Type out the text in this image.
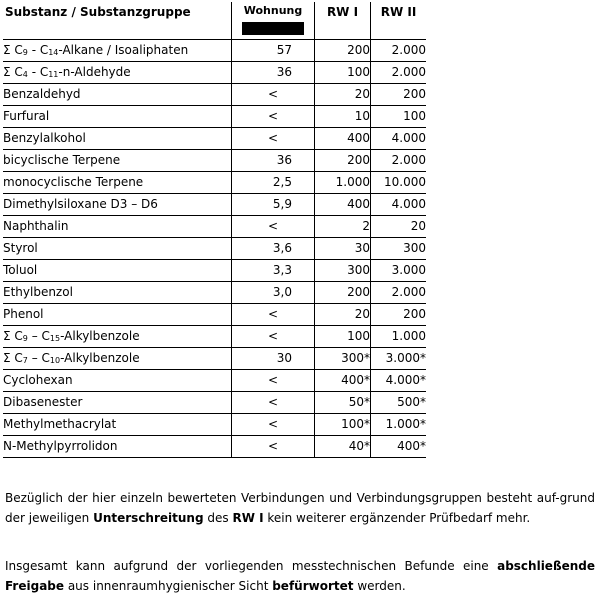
Substanz / Substanzgruppe	Wohnung	RW I	RW II
Σ $C_9$ - $C_{14}$-Alkane / Isoaliphaten	57	200	2.000
Σ $C_4$ - $C_{11}-n$-Aldehyde	36	100	2.000
Benzaldehyd	<	20	200
Furfural	<	10	100
Benzylalkohol	<	400	4.000
bicyclische Terpene	36	200	2.000
monocyclische Terpene	2,5	1.000	10.000
Dimethylsiloxane D3 – D6	5,9	400	4.000
Naphthalin	<	2	20
Styrol	3,6	30	300
Toluol	3,3	300	3.000
Ethylbenzol	3,0	200	2.000
Phenol	<	20	200
Σ $C_9$ – $C_{15}$-Alkylbenzole	<	100	1.000
Σ $C_7$ – $C_{10}$-Alkylbenzole	30	300*	3.000*
Cyclohexan	<	400*	4.000*
Dibasenester	<	50*	500*
Methylmethacrylat	<	100*	1.000*
N-Methylpyrrolidon	<	40*	400*

Bezüglich der hier einzeln bewerteten Verbindungen und Verbindungsgruppen besteht auf-grund der jeweiligen Unterschreitung des RW I kein weiterer ergänzender Prüfbedarf mehr.

Insgesamt kann aufgrund der vorliegenden messtechnischen Befunde eine abschließende Freigabe aus innenraumhygienischer Sicht befürwortet werden.
